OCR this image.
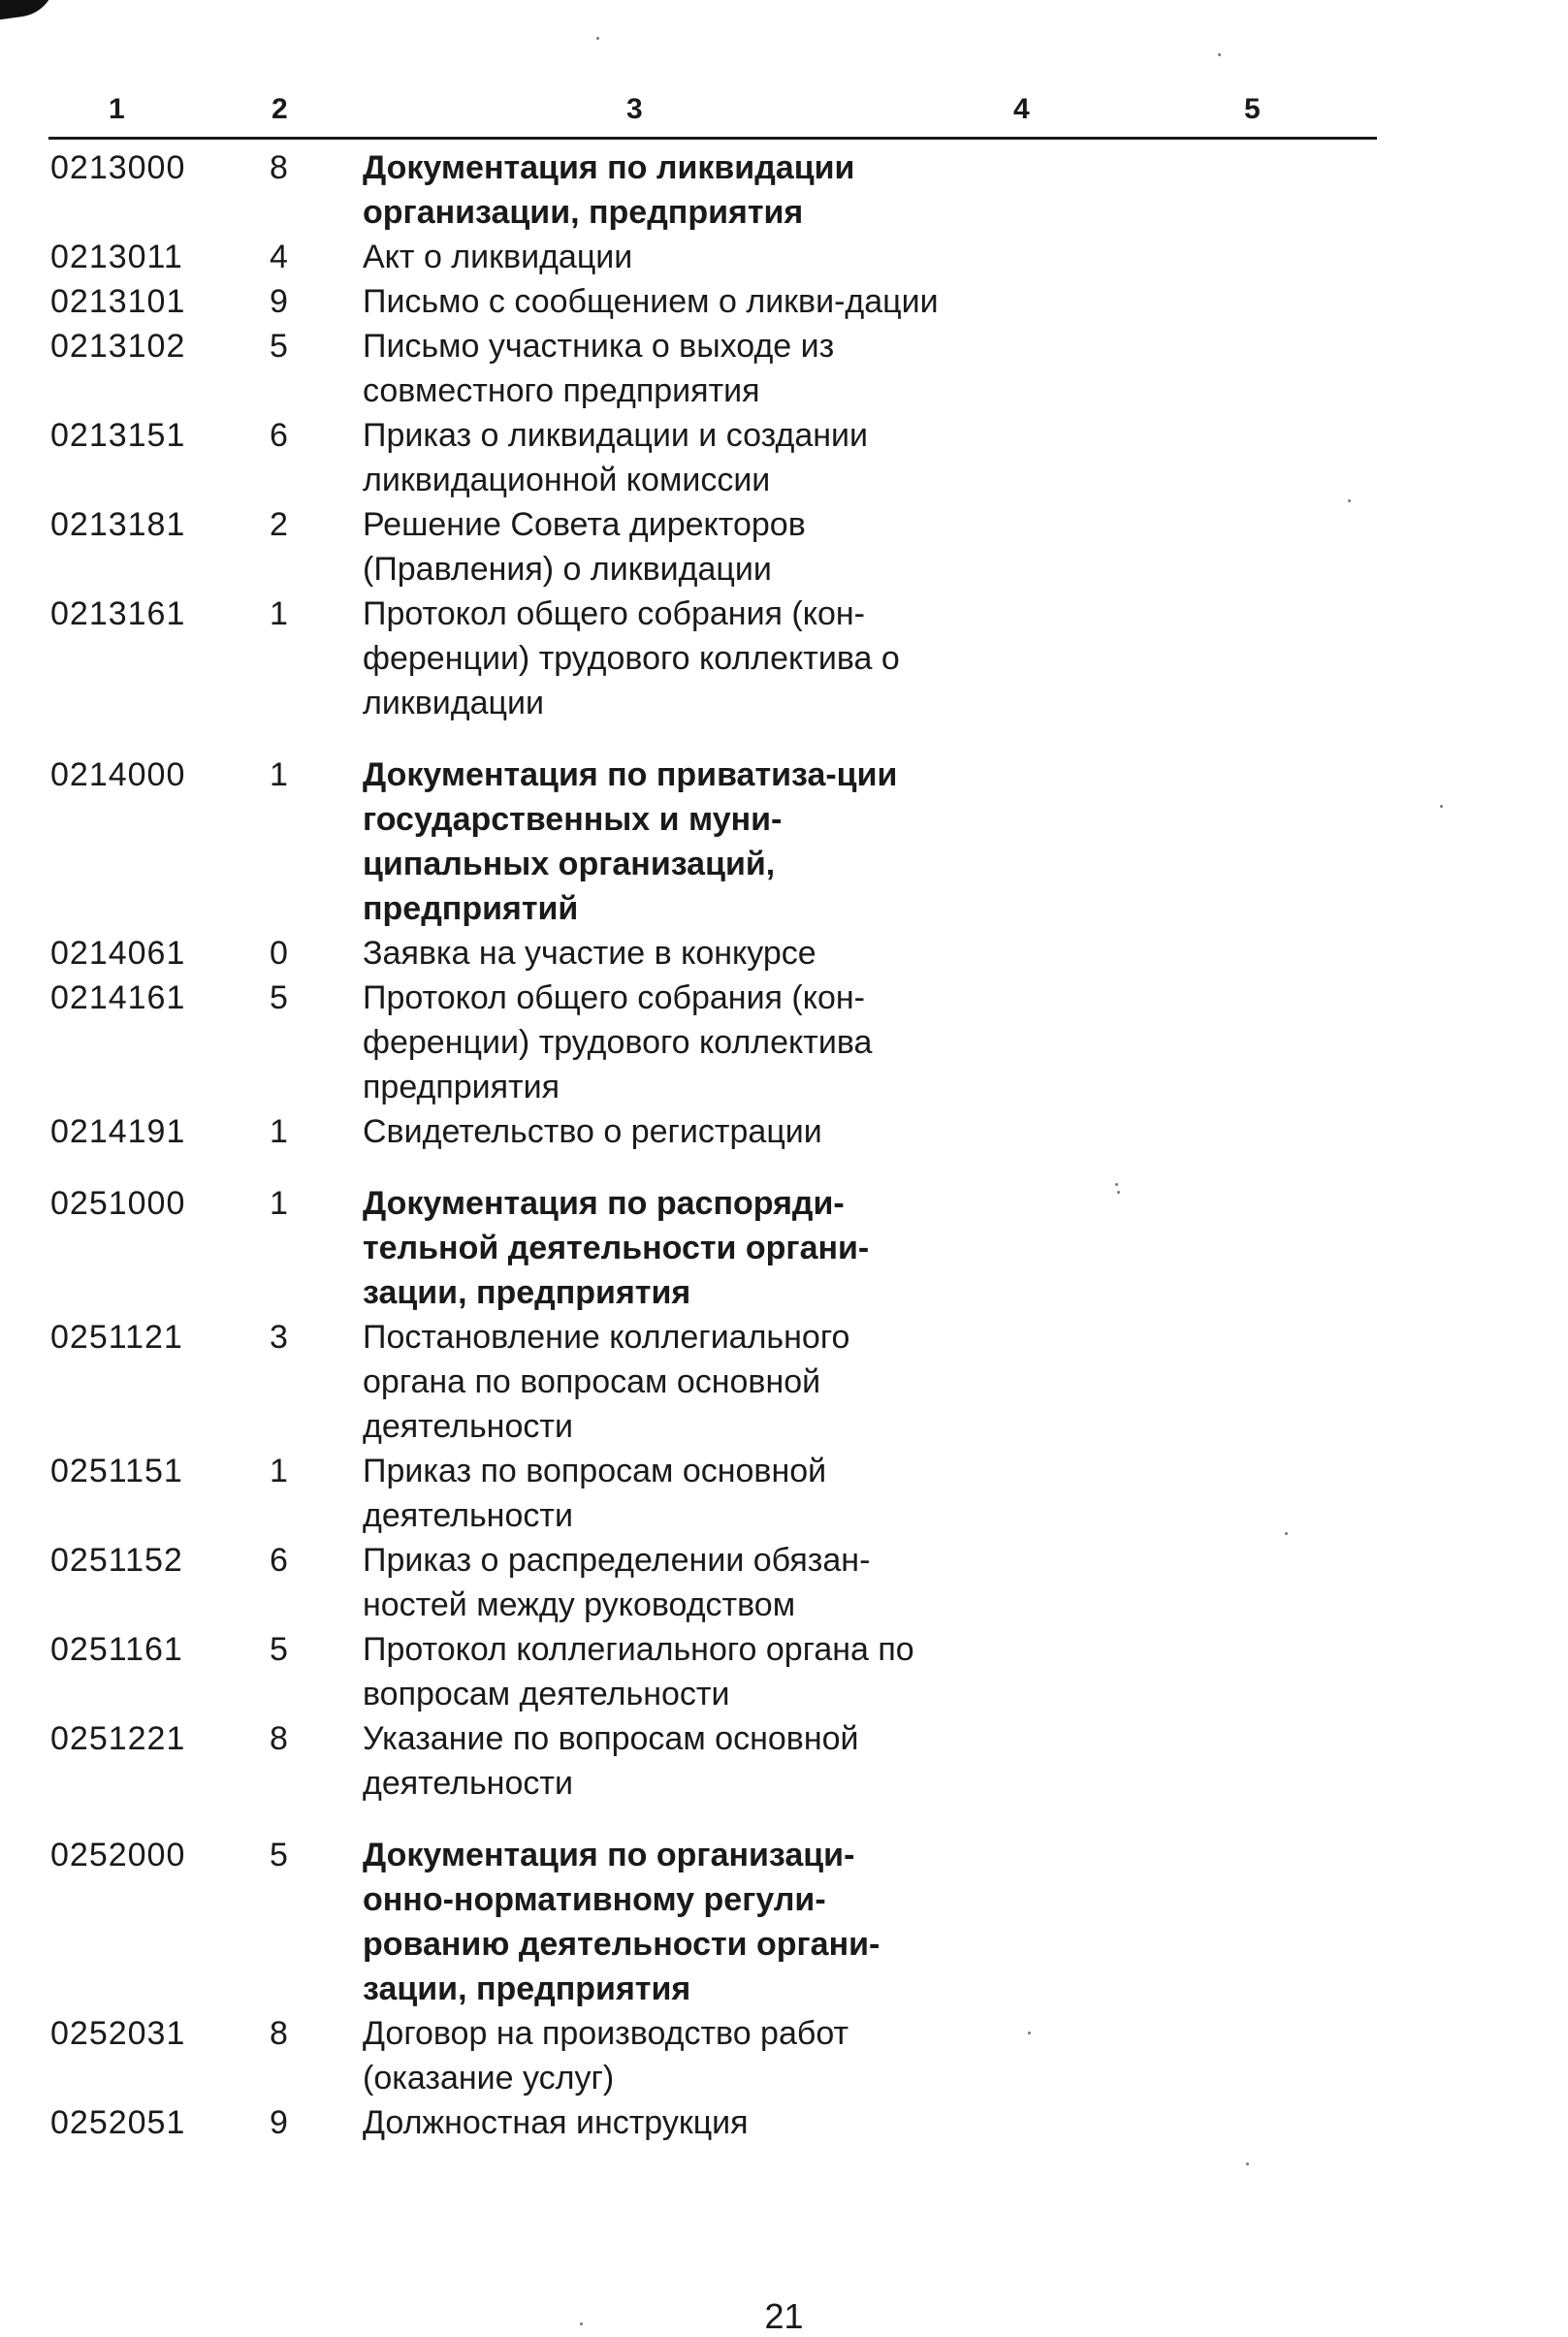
1	2	3	4	5
0213000	8	Документация по ликвидации организации, предприятия
0213011	4	Акт о ликвидации
0213101	9	Письмо с сообщением о ликви-дации
0213102	5	Письмо участника о выходе из совместного предприятия
0213151	6	Приказ о ликвидации и создании ликвидационной комиссии
0213181	2	Решение Совета директоров (Правления) о ликвидации
0213161	1	Протокол общего собрания (кон-ференции) трудового коллектива о ликвидации
0214000	1	Документация по приватиза-ции государственных и муни-ципальных организаций, предприятий
0214061	0	Заявка на участие в конкурсе
0214161	5	Протокол общего собрания (кон-ференции) трудового коллектива предприятия
0214191	1	Свидетельство о регистрации
0251000	1	Документация по распоряди-тельной деятельности органи-зации, предприятия
0251121	3	Постановление коллегиального органа по вопросам основной деятельности
0251151	1	Приказ по вопросам основной деятельности
0251152	6	Приказ о распределении обязан-ностей между руководством
0251161	5	Протокол коллегиального органа по вопросам деятельности
0251221	8	Указание по вопросам основной деятельности
0252000	5	Документация по организаци-онно-нормативному регули-рованию деятельности органи-зации, предприятия
0252031	8	Договор на производство работ (оказание услуг)
0252051	9	Должностная инструкция
21
